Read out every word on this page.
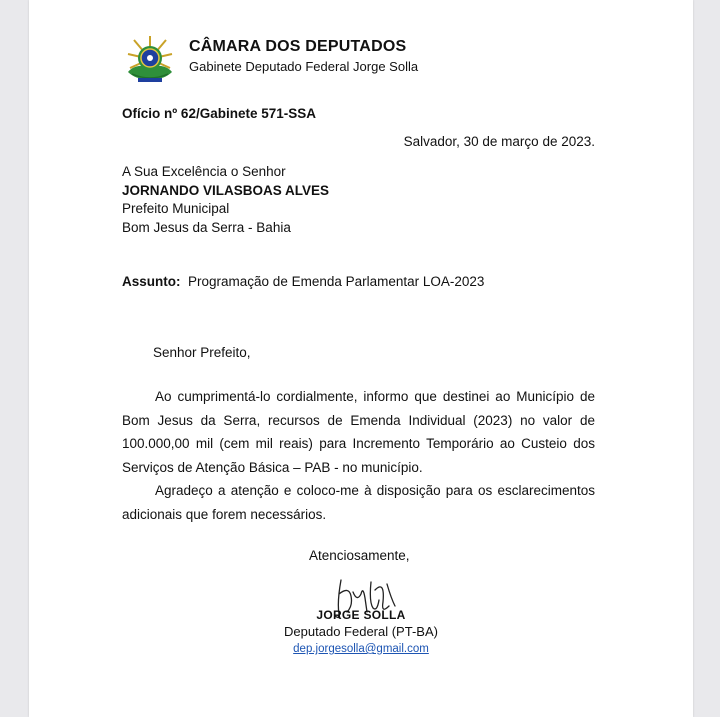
CÂMARA DOS DEPUTADOS
Gabinete Deputado Federal Jorge Solla
Ofício nº 62/Gabinete 571-SSA
Salvador, 30 de março de 2023.
A Sua Excelência o Senhor
JORNANDO VILASBOAS ALVES
Prefeito Municipal
Bom Jesus da Serra - Bahia
Assunto: Programação de Emenda Parlamentar LOA-2023
Senhor Prefeito,

Ao cumprimentá-lo cordialmente, informo que destinei ao Município de Bom Jesus da Serra, recursos de Emenda Individual (2023) no valor de 100.000,00 mil (cem mil reais) para Incremento Temporário ao Custeio dos Serviços de Atenção Básica – PAB - no município.

Agradeço a atenção e coloco-me à disposição para os esclarecimentos adicionais que forem necessários.

Atenciosamente,
JORGE SOLLA
Deputado Federal (PT-BA)
dep.jorgesolla@gmail.com
